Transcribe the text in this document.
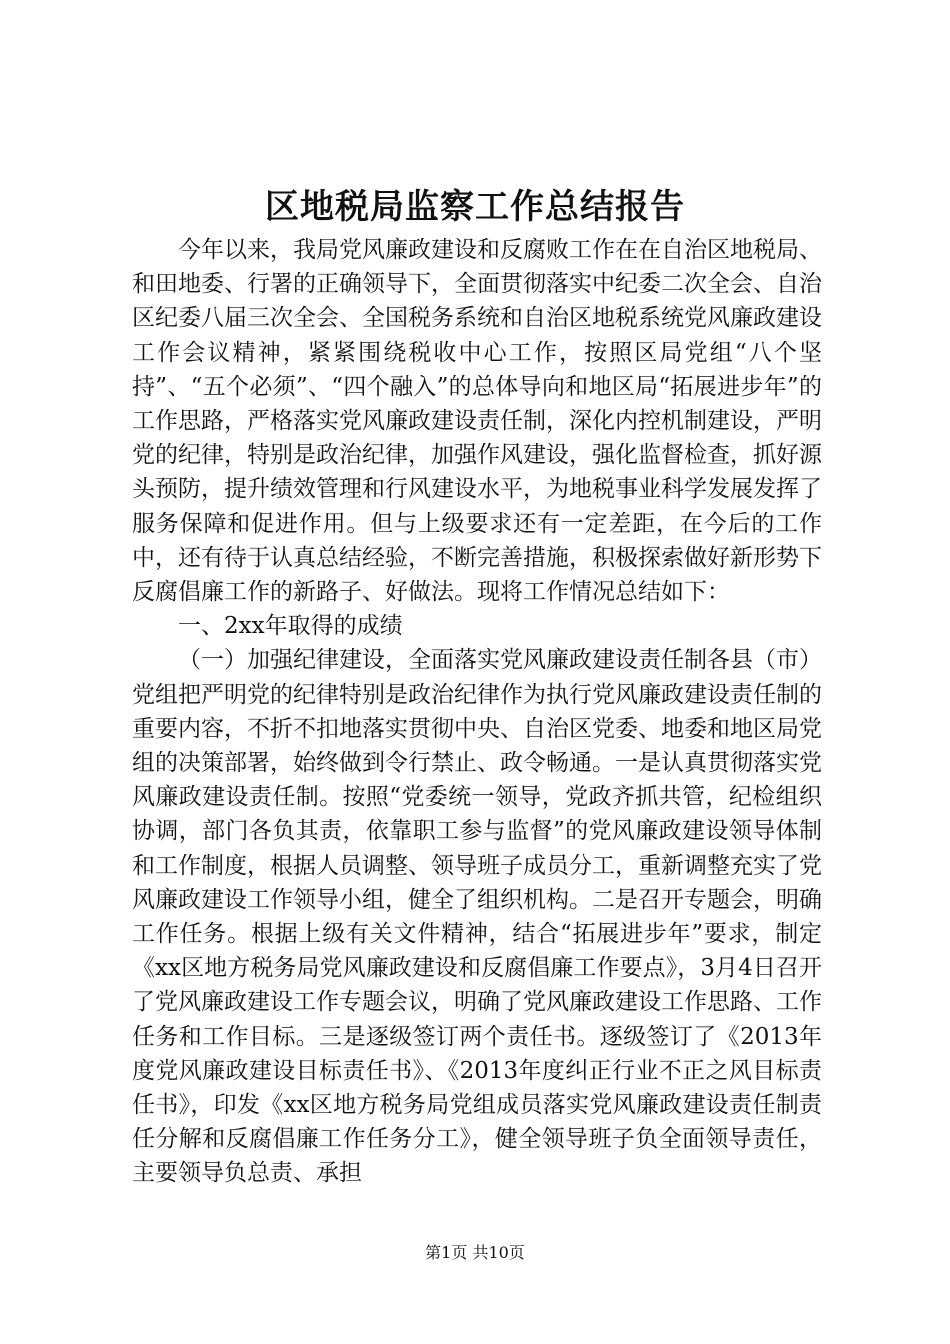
区地税局监察工作总结报告

今年以来，我局党风廉政建设和反腐败工作在在自治区地税局、和田地委、行署的正确领导下，全面贯彻落实中纪委二次全会、自治区纪委八届三次全会、全国税务系统和自治区地税系统党风廉政建设工作会议精神，紧紧围绕税收中心工作，按照区局党组“八个坚持”、“五个必须”、“四个融入”的总体导向和地区局“拓展进步年”的工作思路，严格落实党风廉政建设责任制，深化内控机制建设，严明党的纪律，特别是政治纪律，加强作风建设，强化监督检查，抓好源头预防，提升绩效管理和行风建设水平，为地税事业科学发展发挥了服务保障和促进作用。但与上级要求还有一定差距，在今后的工作中，还有待于认真总结经验，不断完善措施，积极探索做好新形势下反腐倡廉工作的新路子、好做法。现将工作情况总结如下：

一、2xx年取得的成绩

（一）加强纪律建设，全面落实党风廉政建设责任制各县（市）党组把严明党的纪律特别是政治纪律作为执行党风廉政建设责任制的重要内容，不折不扣地落实贯彻中央、自治区党委、地委和地区局党组的决策部署，始终做到令行禁止、政令畅通。一是认真贯彻落实党风廉政建设责任制。按照“党委统一领导，党政齐抓共管，纪检组织协调，部门各负其责，依靠职工参与监督”的党风廉政建设领导体制和工作制度，根据人员调整、领导班子成员分工，重新调整充实了党风廉政建设工作领导小组，健全了组织机构。二是召开专题会，明确工作任务。根据上级有关文件精神，结合“拓展进步年”要求，制定《xx区地方税务局党风廉政建设和反腐倡廉工作要点》，3月4日召开了党风廉政建设工作专题会议，明确了党风廉政建设工作思路、工作任务和工作目标。三是逐级签订两个责任书。逐级签订了《2013年度党风廉政建设目标责任书》、《2013年度纠正行业不正之风目标责任书》，印发《xx区地方税务局党组成员落实党风廉政建设责任制责任分解和反腐倡廉工作任务分工》，健全领导班子负全面领导责任，主要领导负总责、承担

第1页 共10页
